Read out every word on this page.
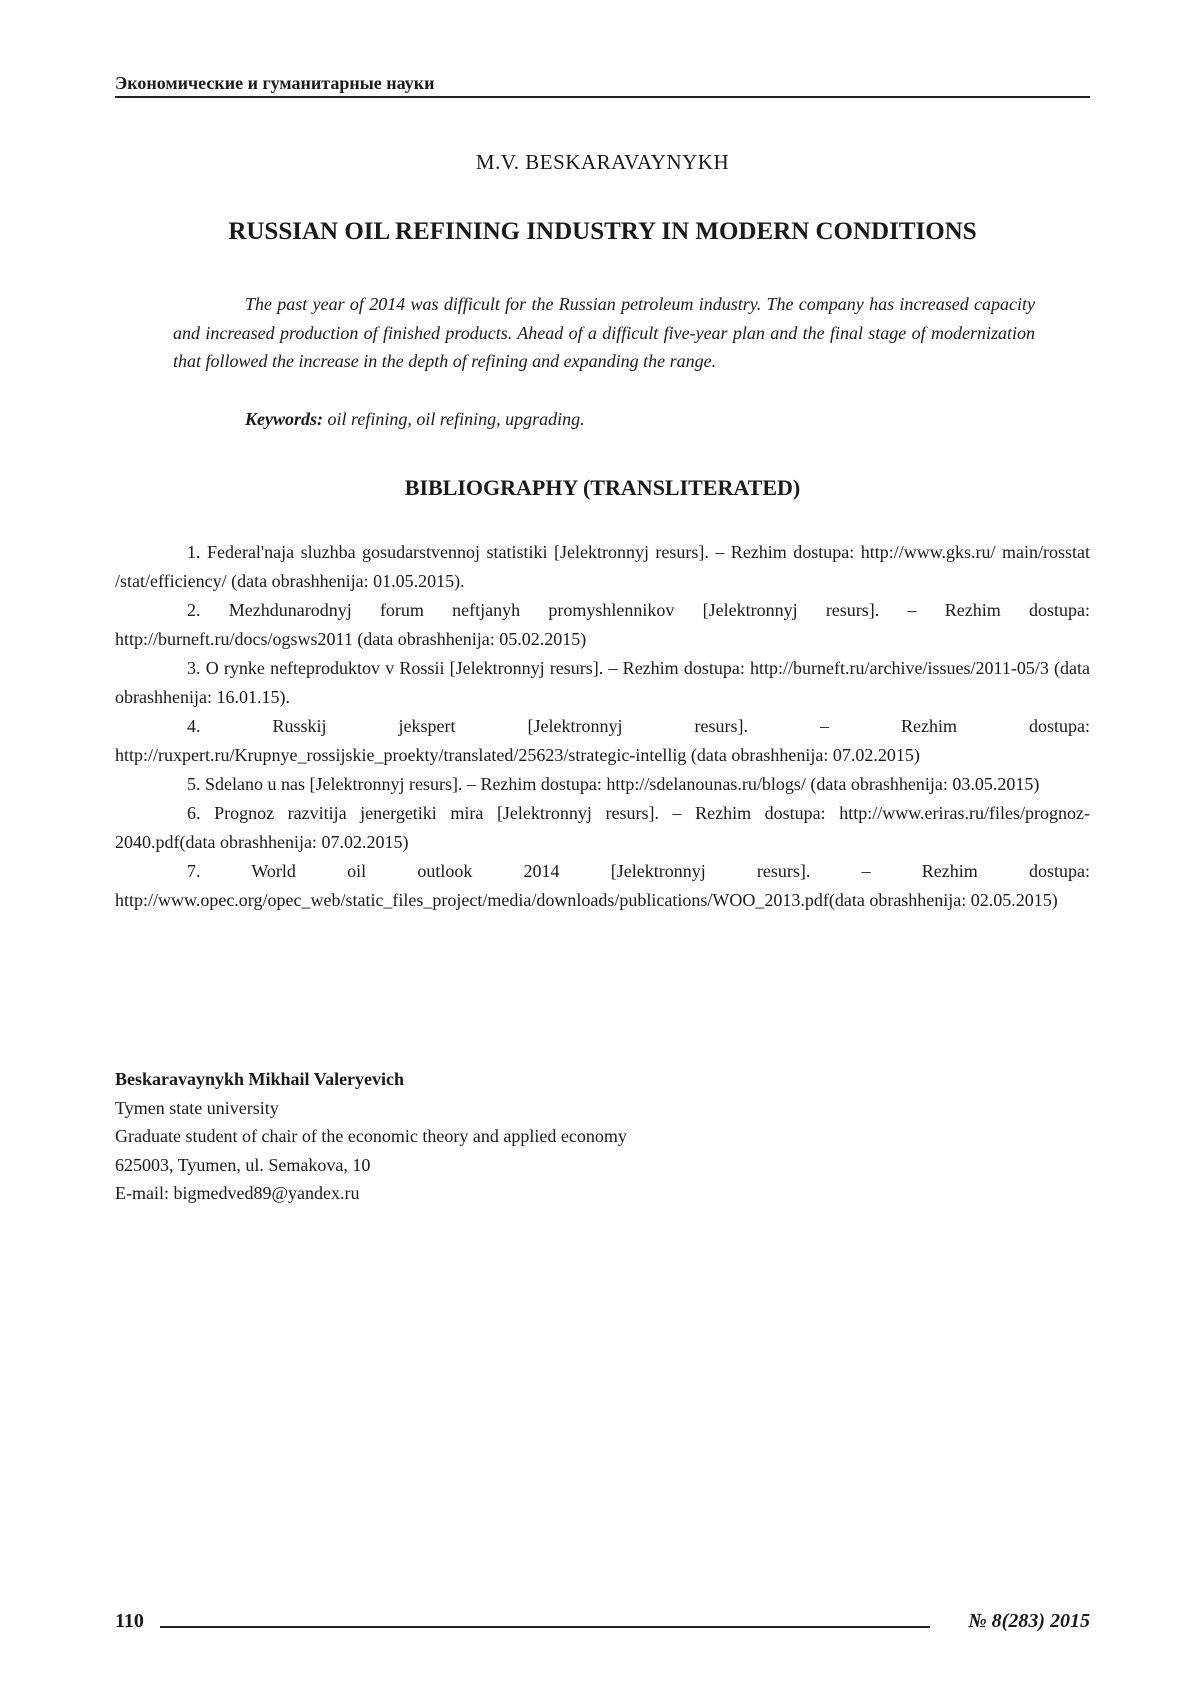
Экономические и гуманитарные науки
M.V. BESKARAVAYNYKH
RUSSIAN OIL REFINING INDUSTRY IN MODERN CONDITIONS

The past year of 2014 was difficult for the Russian petroleum industry. The company has increased capacity and increased production of finished products. Ahead of a difficult five-year plan and the final stage of modernization that followed the increase in the depth of refining and expanding the range.

Keywords: oil refining, oil refining, upgrading.

BIBLIOGRAPHY (TRANSLITERATED)
1. Federal'naja sluzhba gosudarstvennoj statistiki [Jelektronnyj resurs]. – Rezhim dostupa: http://www.gks.ru/ main/rosstat /stat/efficiency/ (data obrashhenija: 01.05.2015).
2. Mezhdunarodnyj forum neftjanyh promyshlennikov [Jelektronnyj resurs]. – Rezhim dostupa: http://burneft.ru/docs/ogsws2011 (data obrashhenija: 05.02.2015)
3. O rynke nefteproduktov v Rossii [Jelektronnyj resurs]. – Rezhim dostupa: http://burneft.ru/archive/issues/2011-05/3 (data obrashhenija: 16.01.15).
4. Russkij jekspert [Jelektronnyj resurs]. – Rezhim dostupa: http://ruxpert.ru/Krupnye_rossijskie_proekty/translated/25623/strategic-intellig (data obrashhenija: 07.02.2015)
5. Sdelano u nas [Jelektronnyj resurs]. – Rezhim dostupa: http://sdelanounas.ru/blogs/ (data obrashhenija: 03.05.2015)
6. Prognoz razvitija jenergetiki mira [Jelektronnyj resurs]. – Rezhim dostupa: http://www.eriras.ru/files/prognoz-2040.pdf(data obrashhenija: 07.02.2015)
7. World oil outlook 2014 [Jelektronnyj resurs]. – Rezhim dostupa: http://www.opec.org/opec_web/static_files_project/media/downloads/publications/WOO_2013.pdf(data obrashhenija: 02.05.2015)
Beskaravaynykh Mikhail Valeryevich
Tymen state university
Graduate student of chair of the economic theory and applied economy
625003, Tyumen, ul. Semakova, 10
E-mail: bigmedved89@yandex.ru
110	№ 8(283) 2015
